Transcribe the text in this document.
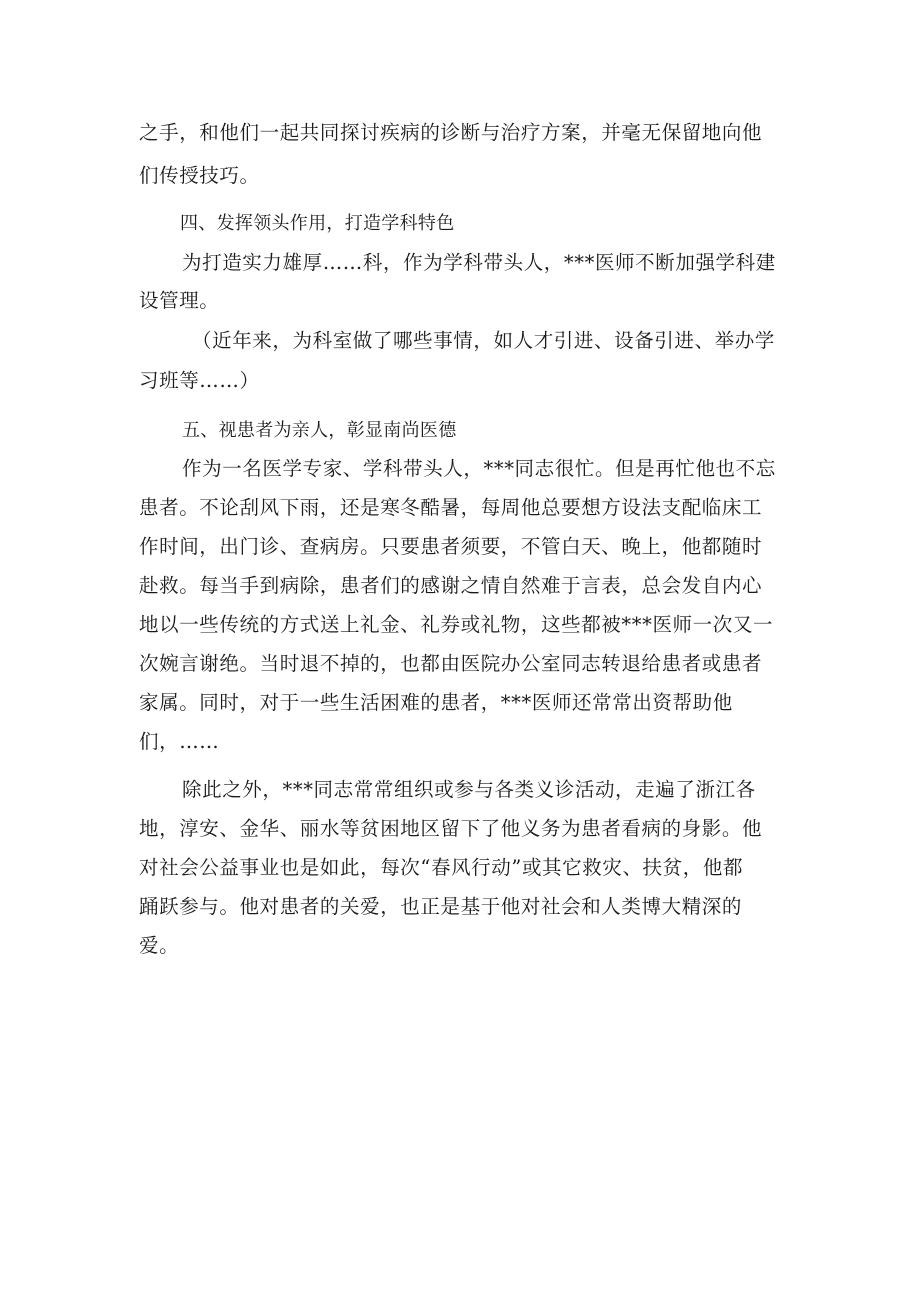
之手，和他们一起共同探讨疾病的诊断与治疗方案，并毫无保留地向他
们传授技巧。
四、发挥领头作用，打造学科特色
为打造实力雄厚……科，作为学科带头人，***医师不断加强学科建
设管理。
（近年来，为科室做了哪些事情，如人才引进、设备引进、举办学
习班等……）
五、视患者为亲人，彰显南尚医德
作为一名医学专家、学科带头人，***同志很忙。但是再忙他也不忘
患者。不论刮风下雨，还是寒冬酷暑，每周他总要想方设法支配临床工
作时间，出门诊、查病房。只要患者须要，不管白天、晚上，他都随时
赴救。每当手到病除，患者们的感谢之情自然难于言表，总会发自内心
地以一些传统的方式送上礼金、礼券或礼物，这些都被***医师一次又一
次婉言谢绝。当时退不掉的，也都由医院办公室同志转退给患者或患者
家属。同时，对于一些生活困难的患者，***医师还常常出资帮助他
们，……
除此之外，***同志常常组织或参与各类义诊活动，走遍了浙江各
地，淳安、金华、丽水等贫困地区留下了他义务为患者看病的身影。他
对社会公益事业也是如此，每次“春风行动”或其它救灾、扶贫，他都
踊跃参与。他对患者的关爱，也正是基于他对社会和人类博大精深的
爱。
